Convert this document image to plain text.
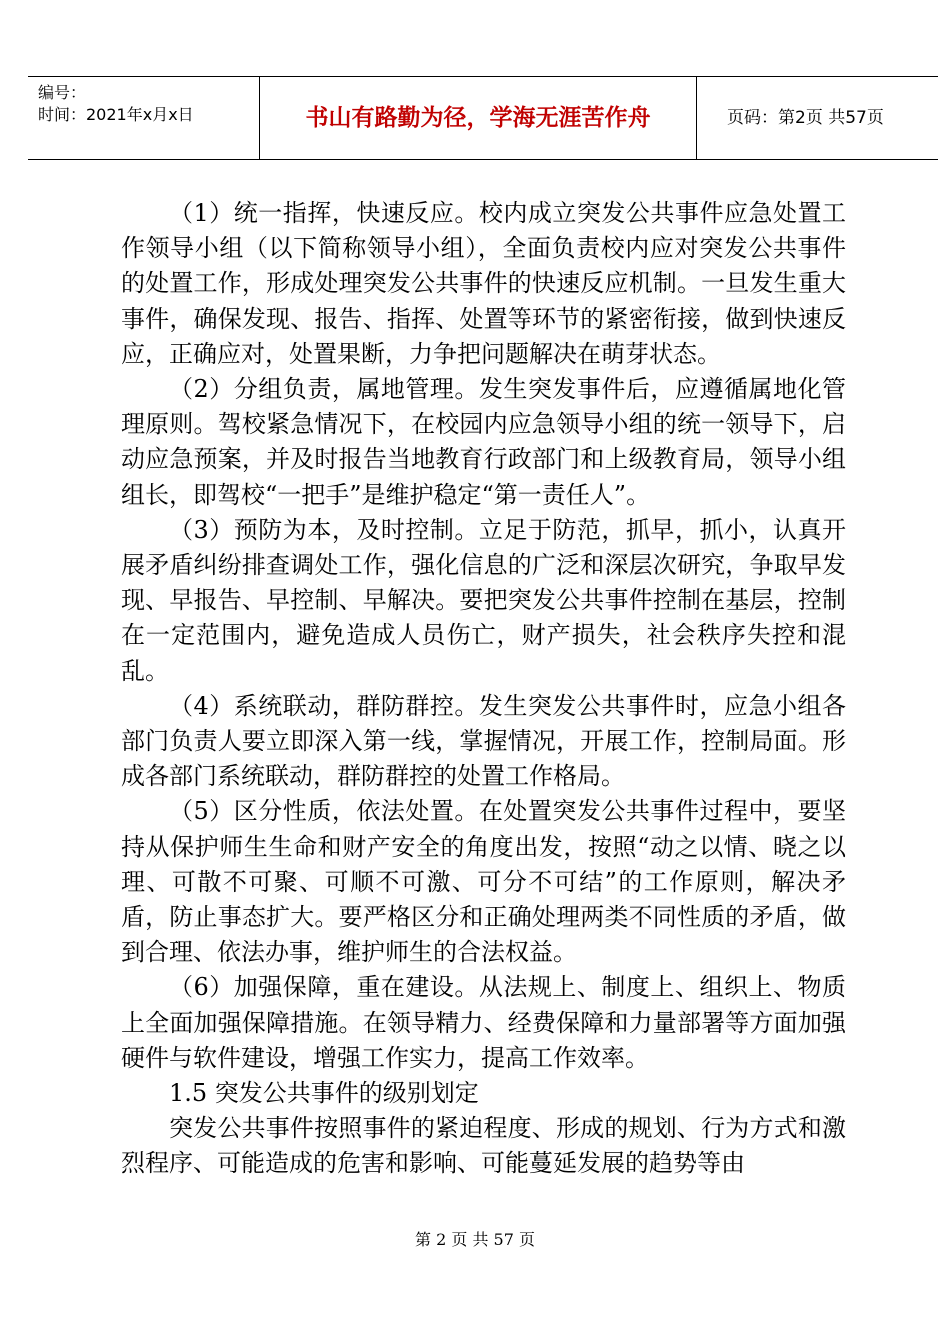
编号：
时间：2021年x月x日	书山有路勤为径，学海无涯苦作舟	页码：第2页 共57页

（1）统一指挥，快速反应。校内成立突发公共事件应急处置工作领导小组（以下简称领导小组），全面负责校内应对突发公共事件的处置工作，形成处理突发公共事件的快速反应机制。一旦发生重大事件，确保发现、报告、指挥、处置等环节的紧密衔接，做到快速反应，正确应对，处置果断，力争把问题解决在萌芽状态。

（2）分组负责，属地管理。发生突发事件后，应遵循属地化管理原则。驾校紧急情况下，在校园内应急领导小组的统一领导下，启动应急预案，并及时报告当地教育行政部门和上级教育局，领导小组组长，即驾校“一把手”是维护稳定“第一责任人”。

（3）预防为本，及时控制。立足于防范，抓早，抓小，认真开展矛盾纠纷排查调处工作，强化信息的广泛和深层次研究，争取早发现、早报告、早控制、早解决。要把突发公共事件控制在基层，控制在一定范围内，避免造成人员伤亡，财产损失，社会秩序失控和混乱。

（4）系统联动，群防群控。发生突发公共事件时，应急小组各部门负责人要立即深入第一线，掌握情况，开展工作，控制局面。形成各部门系统联动，群防群控的处置工作格局。

（5）区分性质，依法处置。在处置突发公共事件过程中，要坚持从保护师生生命和财产安全的角度出发，按照“动之以情、晓之以理、可散不可聚、可顺不可激、可分不可结”的工作原则，解决矛盾，防止事态扩大。要严格区分和正确处理两类不同性质的矛盾，做到合理、依法办事，维护师生的合法权益。

（6）加强保障，重在建设。从法规上、制度上、组织上、物质上全面加强保障措施。在领导精力、经费保障和力量部署等方面加强硬件与软件建设，增强工作实力，提高工作效率。

1.5 突发公共事件的级别划定

突发公共事件按照事件的紧迫程度、形成的规划、行为方式和激烈程序、可能造成的危害和影响、可能蔓延发展的趋势等由

第 2 页 共 57 页
